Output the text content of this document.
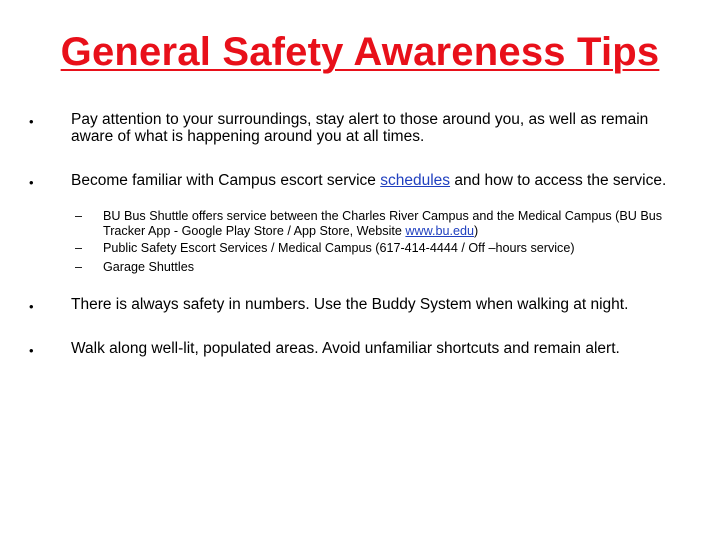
General Safety Awareness Tips
• Pay attention to your surroundings, stay alert to those around you, as well as remain aware of what is happening around you at all times.
• Become familiar with Campus escort service schedules and how to access the service.
– BU Bus Shuttle offers service between the Charles River Campus and the Medical Campus (BU Bus Tracker App - Google Play Store / App Store, Website www.bu.edu)
– Public Safety Escort Services / Medical Campus (617-414-4444 / Off –hours service)
– Garage Shuttles
• There is always safety in numbers. Use the Buddy System when walking at night.
• Walk along well-lit, populated areas. Avoid unfamiliar shortcuts and remain alert.
